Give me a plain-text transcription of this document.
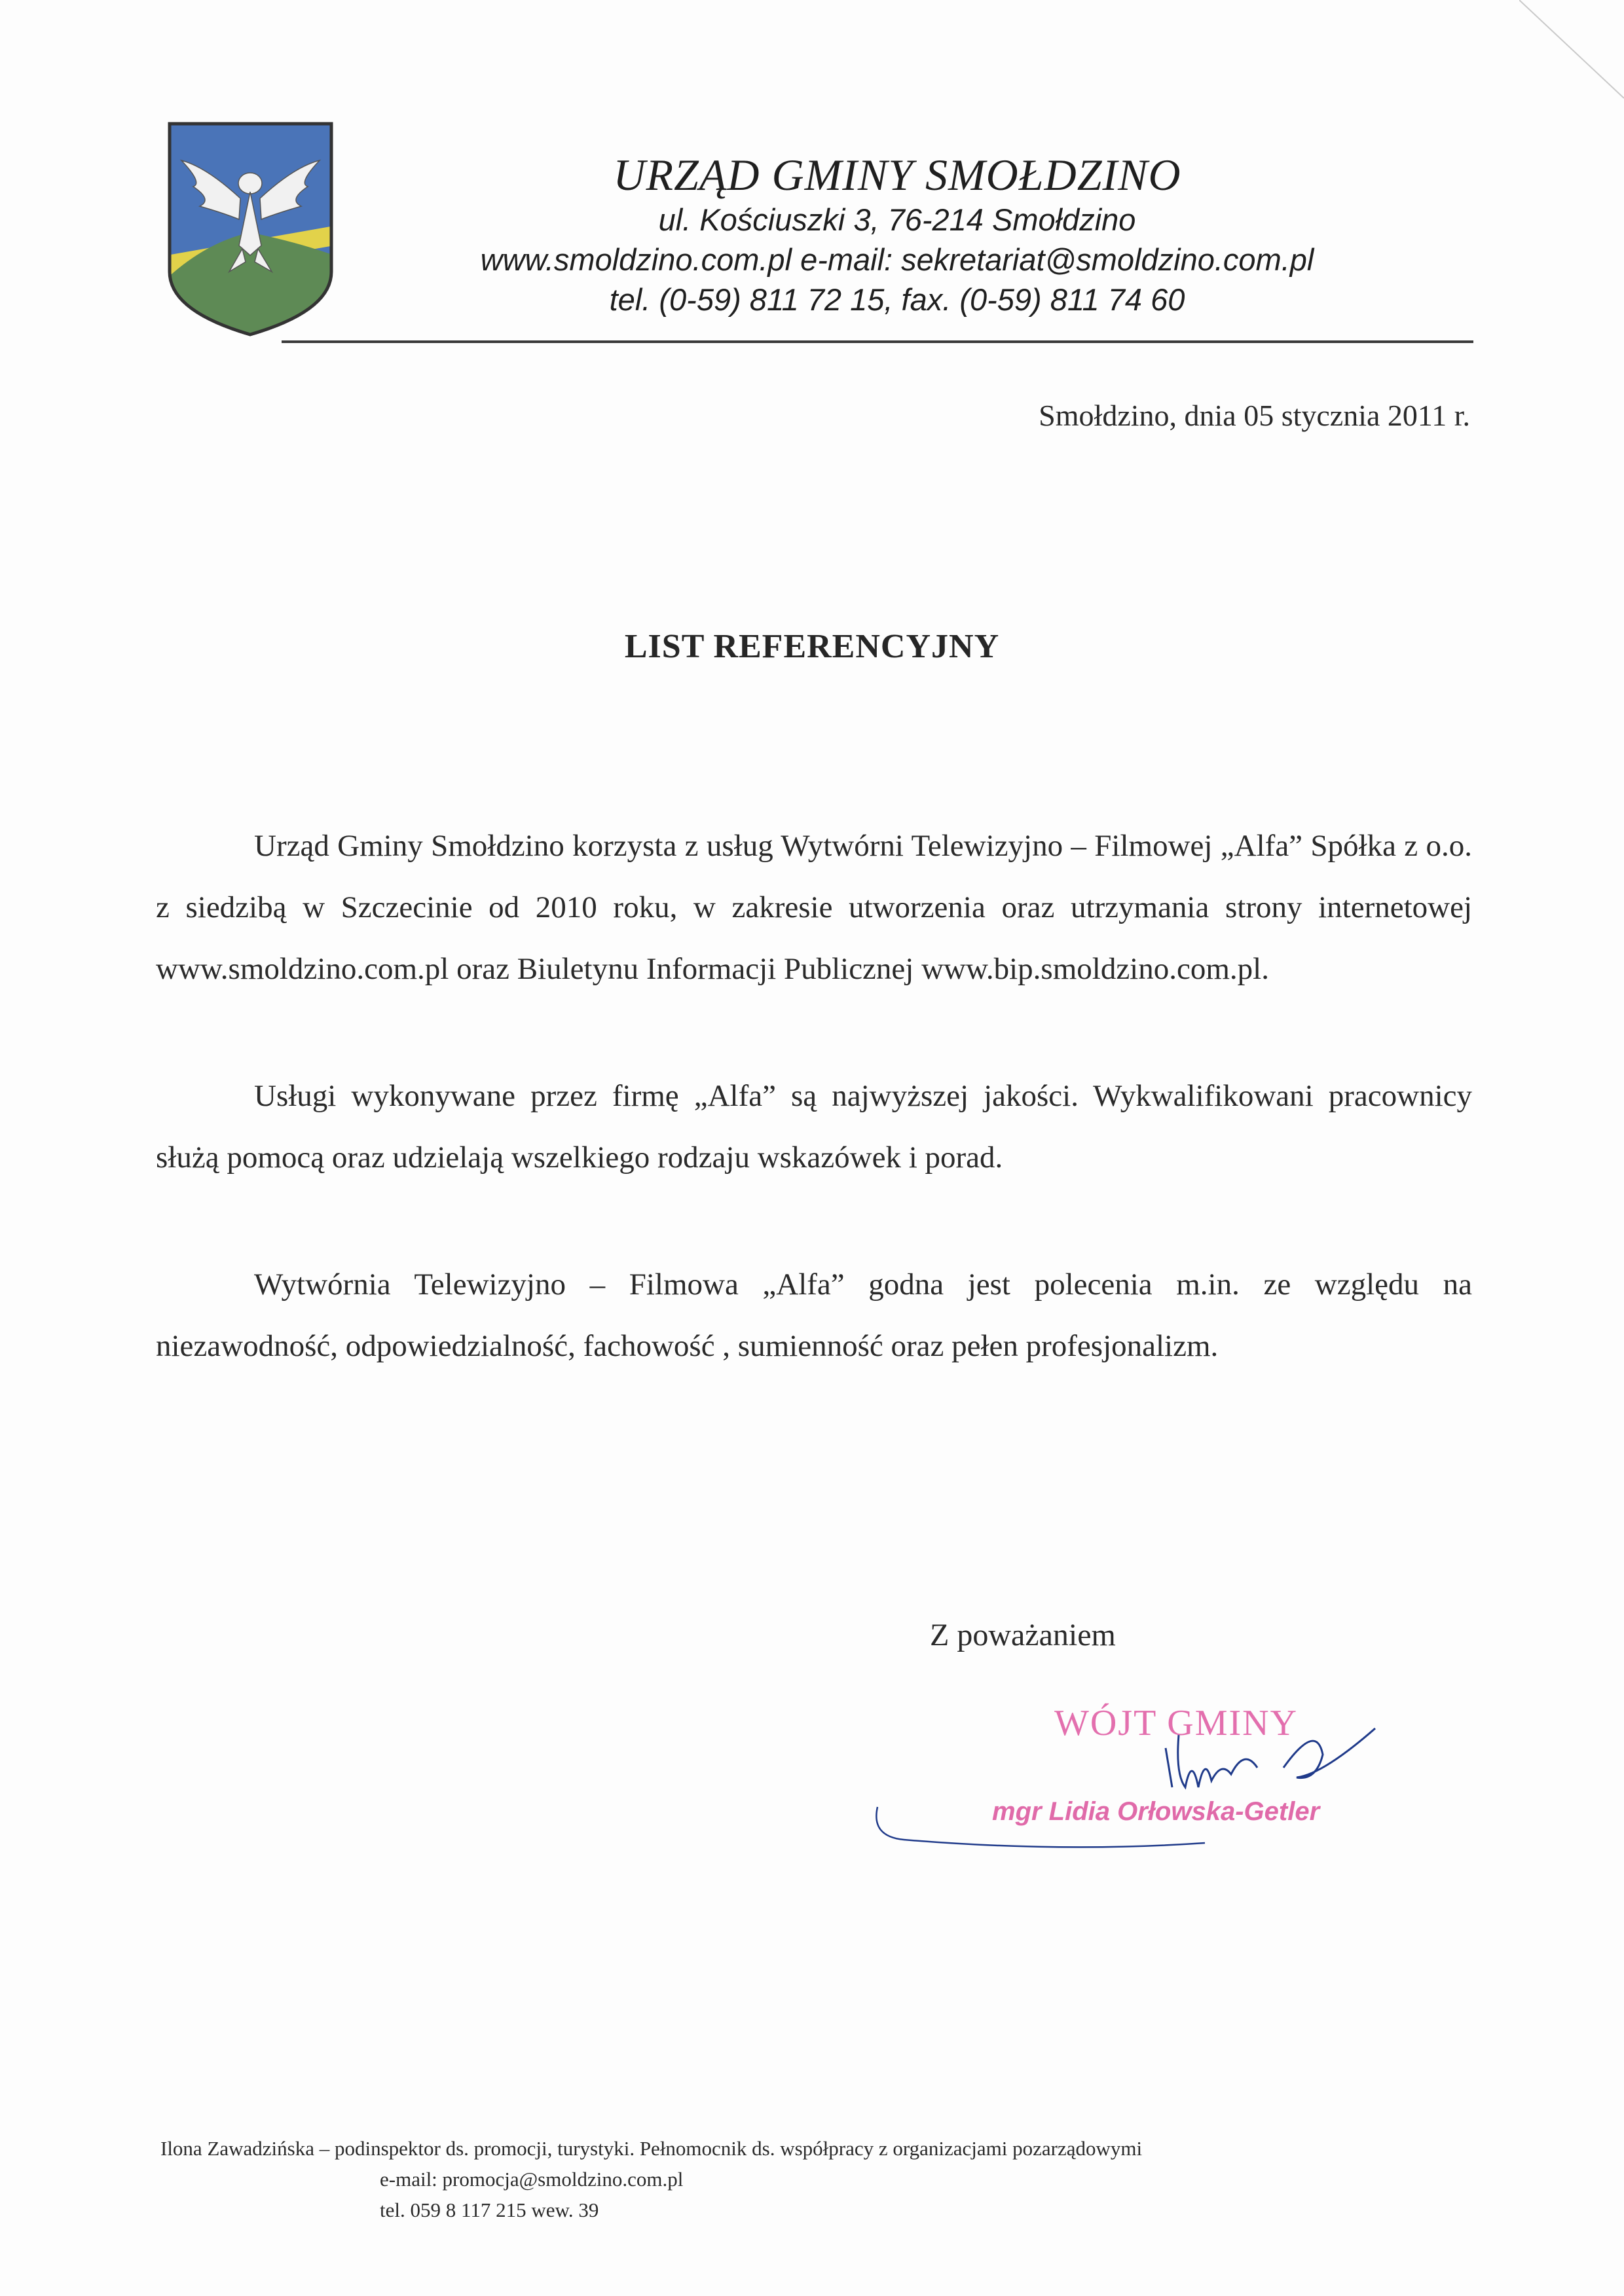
URZĄD GMINY SMOŁDZINO
ul. Kościuszki 3, 76-214 Smołdzino
www.smoldzino.com.pl e-mail: sekretariat@smoldzino.com.pl
tel. (0-59) 811 72 15, fax. (0-59) 811 74 60
Smołdzino, dnia 05 stycznia 2011 r.
LIST REFERENCYJNY

Urząd Gminy Smołdzino korzysta z usług Wytwórni Telewizyjno – Filmowej „Alfa” Spółka z o.o. z siedzibą w Szczecinie od 2010 roku, w zakresie utworzenia oraz utrzymania strony internetowej www.smoldzino.com.pl oraz Biuletynu Informacji Publicznej www.bip.smoldzino.com.pl.

Usługi wykonywane przez firmę „Alfa” są najwyższej jakości. Wykwalifikowani pracownicy służą pomocą oraz udzielają wszelkiego rodzaju wskazówek i porad.

Wytwórnia Telewizyjno – Filmowa „Alfa” godna jest polecenia m.in. ze względu na niezawodność, odpowiedzialność, fachowość , sumienność oraz pełen profesjonalizm.

Z poważaniem
WÓJT GMINY
mgr Lidia Orłowska-Getler
Ilona Zawadzińska – podinspektor ds. promocji, turystyki. Pełnomocnik ds. współpracy z organizacjami pozarządowymi
e-mail: promocja@smoldzino.com.pl
tel. 059 8 117 215 wew. 39
